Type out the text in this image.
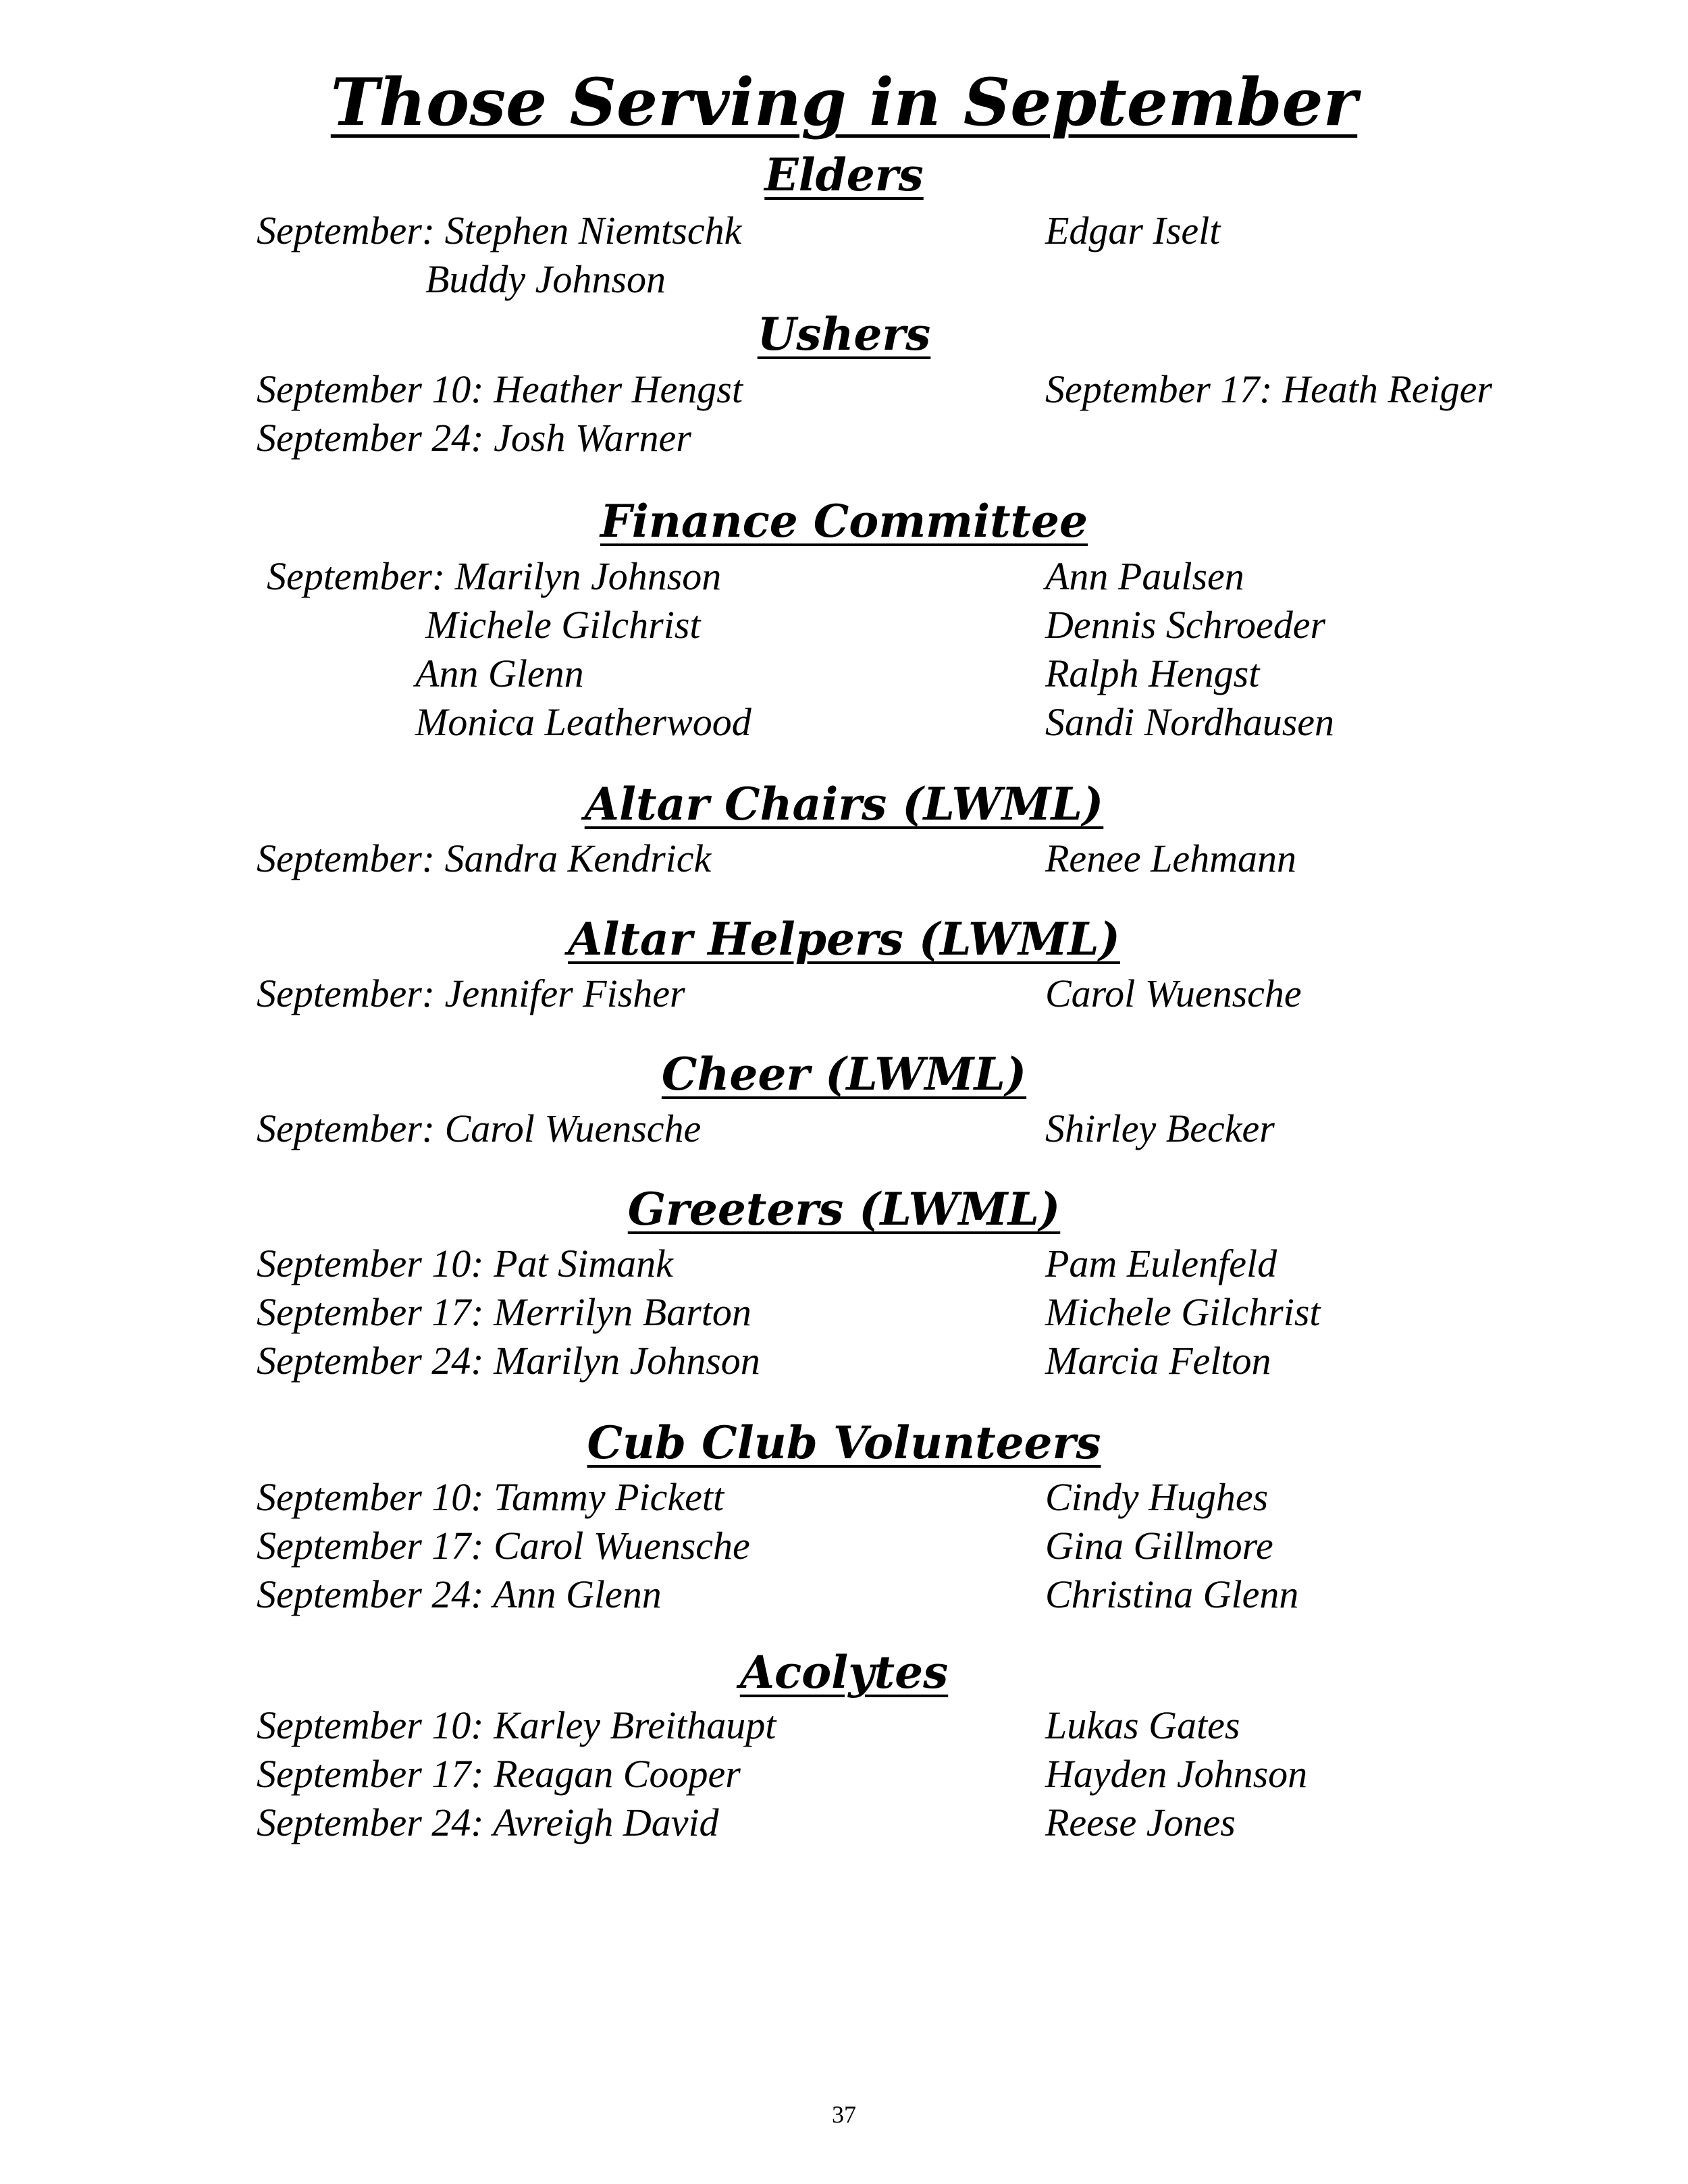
Those Serving in September
Elders

September: Stephen Niemtschk	Edgar Iselt

Buddy Johnson

Ushers

September 10: Heather Hengst	September 17: Heath Reiger

September 24: Josh Warner

Finance Committee

September: Marilyn Johnson	Ann Paulsen

Michele Gilchrist	Dennis Schroeder

Ann Glenn	Ralph Hengst

Monica Leatherwood	Sandi Nordhausen

Altar Chairs (LWML)

September: Sandra Kendrick	Renee Lehmann

Altar Helpers (LWML)

September: Jennifer Fisher	Carol Wuensche

Cheer (LWML)

September: Carol Wuensche	Shirley Becker

Greeters (LWML)

September 10: Pat Simank	Pam Eulenfeld

September 17: Merrilyn Barton	Michele Gilchrist

September 24: Marilyn Johnson	Marcia Felton

Cub Club Volunteers

September 10: Tammy Pickett	Cindy Hughes

September 17: Carol Wuensche	Gina Gillmore

September 24: Ann Glenn	Christina Glenn

Acolytes

September 10: Karley Breithaupt	Lukas Gates

September 17: Reagan Cooper	Hayden Johnson

September 24: Avreigh David	Reese Jones

37
